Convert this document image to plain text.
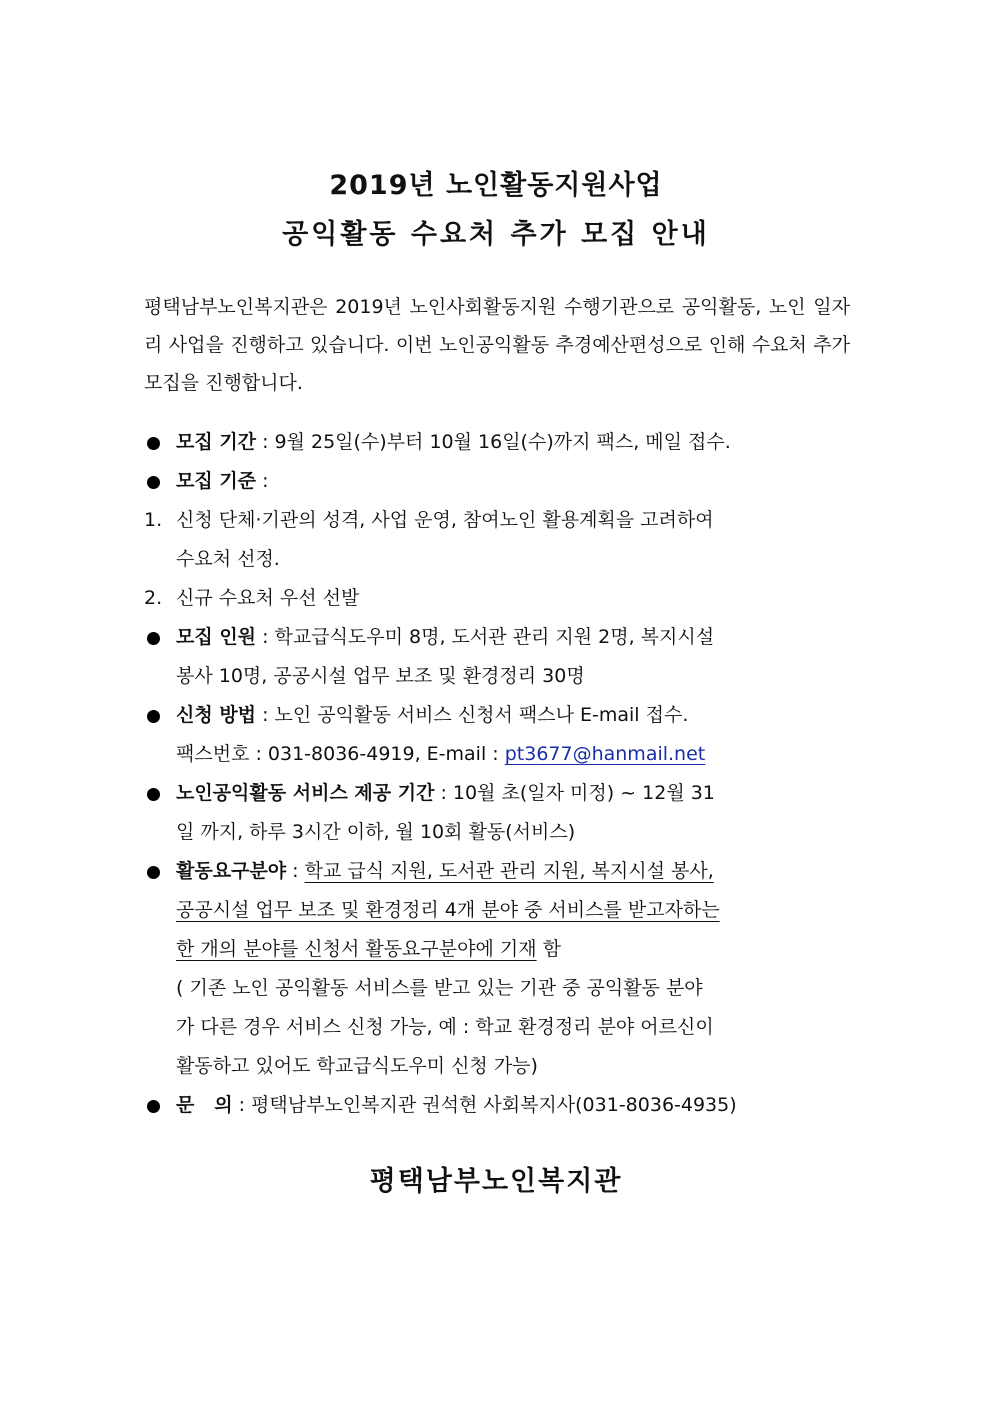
2019년 노인활동지원사업
공익활동 수요처 추가 모집 안내
평택남부노인복지관은 2019년 노인사회활동지원 수행기관으로 공익활동, 노인 일자리 사업을 진행하고 있습니다. 이번 노인공익활동 추경예산편성으로 인해 수요처 추가 모집을 진행합니다.
모집 기간 : 9월 25일(수)부터 10월 16일(수)까지 팩스, 메일 접수.
모집 기준 :
1. 신청 단체·기관의 성격, 사업 운영, 참여노인 활용계획을 고려하여
수요처 선정.
2. 신규 수요처 우선 선발
모집 인원 : 학교급식도우미 8명, 도서관 관리 지원 2명, 복지시설
봉사 10명, 공공시설 업무 보조 및 환경정리 30명
신청 방법 : 노인 공익활동 서비스 신청서 팩스나 E-mail 접수.
팩스번호 : 031-8036-4919, E-mail : pt3677@hanmail.net
노인공익활동 서비스 제공 기간 : 10월 초(일자 미정) ~ 12월 31
일 까지, 하루 3시간 이하, 월 10회 활동(서비스)
활동요구분야 : 학교 급식 지원, 도서관 관리 지원, 복지시설 봉사,
공공시설 업무 보조 및 환경정리 4개 분야 중 서비스를 받고자하는
한 개의 분야를 신청서 활동요구분야에 기재 함
( 기존 노인 공익활동 서비스를 받고 있는 기관 중 공익활동 분야
가 다른 경우 서비스 신청 가능, 예 : 학교 환경정리 분야 어르신이
활동하고 있어도 학교급식도우미 신청 가능)
문   의 : 평택남부노인복지관 권석현 사회복지사(031-8036-4935)
평택남부노인복지관
